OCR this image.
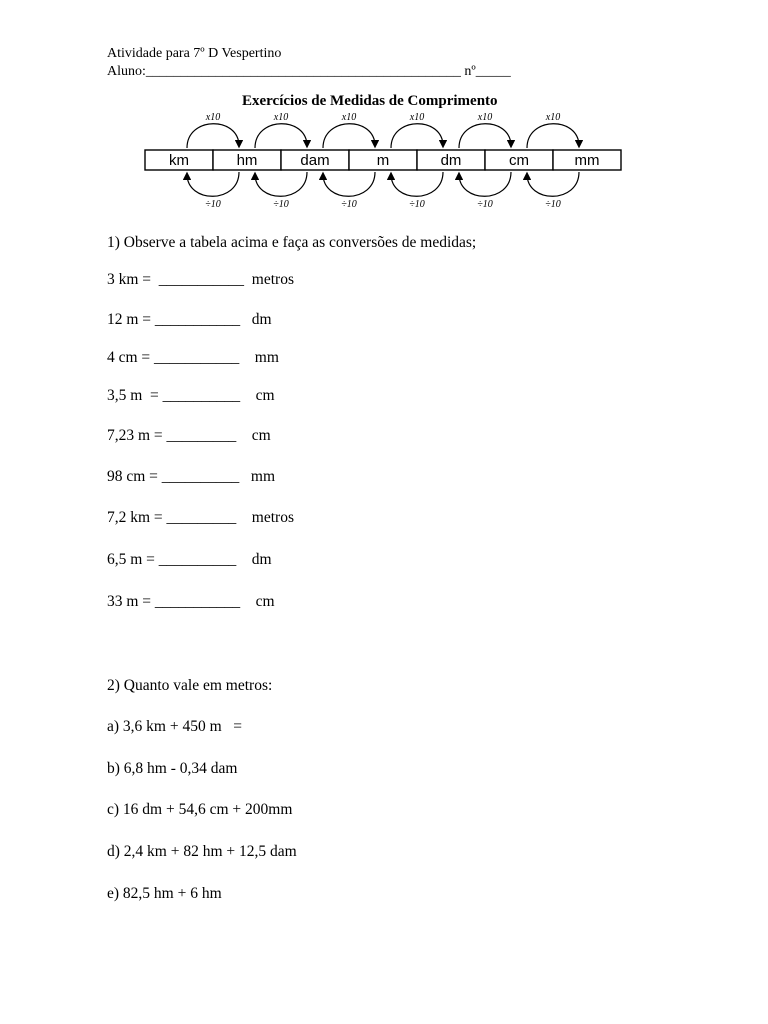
Atividade para 7º D Vespertino
Aluno:_____________________________________________ nº_____
Exercícios de Medidas de Comprimento
km	hm	dam	m	dm	cm	mm
x10
÷10
x10
÷10
x10
÷10
x10
÷10
x10
÷10
x10
÷10
1) Observe a tabela acima e faça as conversões de medidas;
3 km =  ___________  metros
12 m = ___________   dm
4 cm = ___________    mm
3,5 m  = __________    cm
7,23 m = _________    cm
98 cm = __________   mm
7,2 km = _________    metros
6,5 m = __________    dm
33 m = ___________    cm
2) Quanto vale em metros:
a) 3,6 km + 450 m   =
b) 6,8 hm - 0,34 dam
c) 16 dm + 54,6 cm + 200mm
d) 2,4 km + 82 hm + 12,5 dam
e) 82,5 hm + 6 hm
